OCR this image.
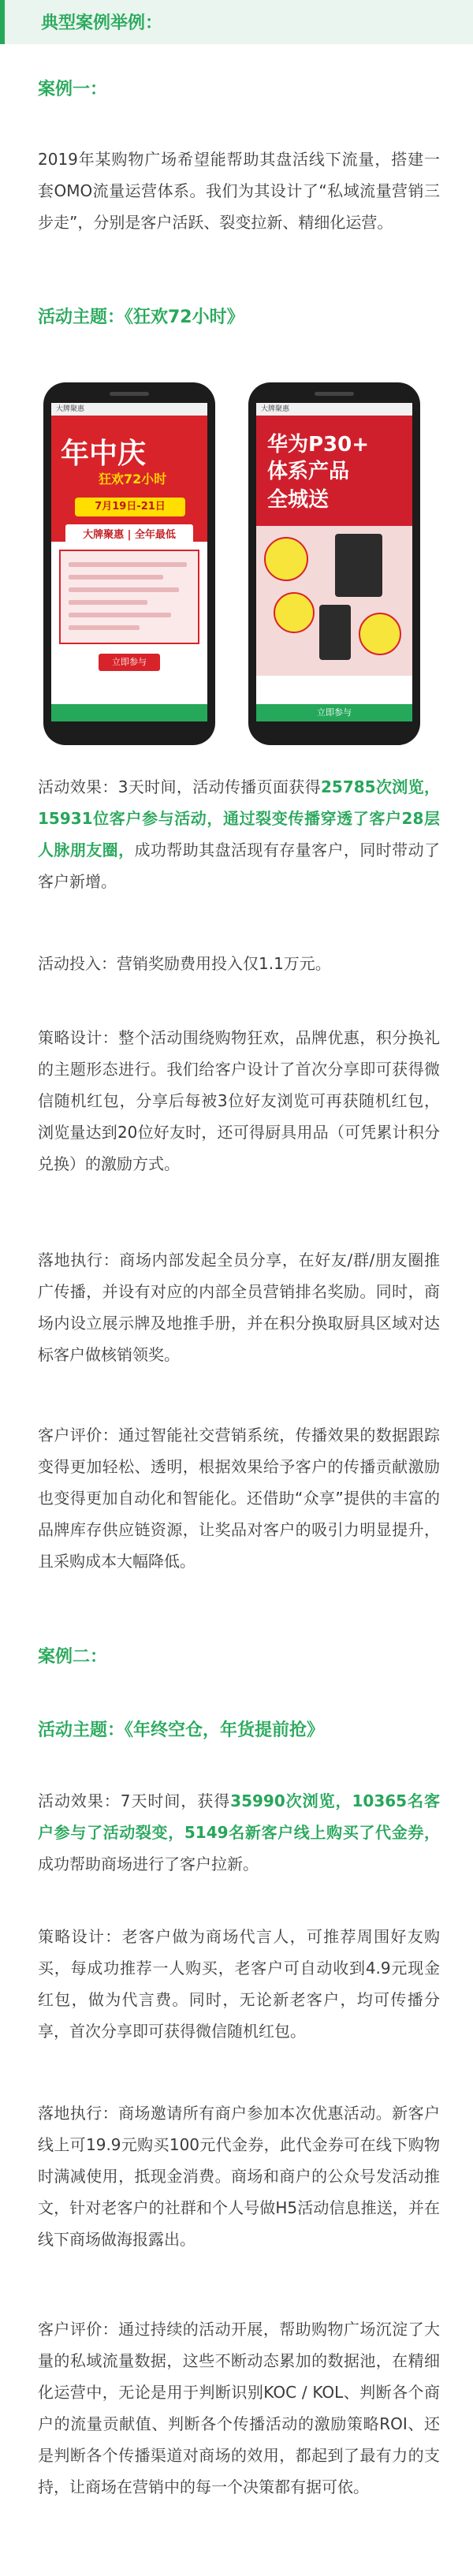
典型案例举例：
案例一：

2019年某购物广场希望能帮助其盘活线下流量，搭建一套OMO流量运营体系。我们为其设计了“私域流量营销三步走”，分别是客户活跃、裂变拉新、精细化运营。

活动主题：《狂欢72小时》
大牌聚惠
年中庆
狂欢72小时
7月19日-21日
大牌聚惠 | 全年最低
立即参与
大牌聚惠
华为P30+
体系产品
全城送
立即参与

活动效果：3天时间，活动传播页面获得25785次浏览，15931位客户参与活动，通过裂变传播穿透了客户28层人脉朋友圈，成功帮助其盘活现有存量客户，同时带动了客户新增。

活动投入：营销奖励费用投入仅1.1万元。

策略设计：整个活动围绕购物狂欢，品牌优惠，积分换礼的主题形态进行。我们给客户设计了首次分享即可获得微信随机红包，分享后每被3位好友浏览可再获随机红包，浏览量达到20位好友时，还可得厨具用品（可凭累计积分兑换）的激励方式。

落地执行：商场内部发起全员分享，在好友/群/朋友圈推广传播，并设有对应的内部全员营销排名奖励。同时，商场内设立展示牌及地推手册，并在积分换取厨具区域对达标客户做核销领奖。

客户评价：通过智能社交营销系统，传播效果的数据跟踪变得更加轻松、透明，根据效果给予客户的传播贡献激励也变得更加自动化和智能化。还借助“众享”提供的丰富的品牌库存供应链资源，让奖品对客户的吸引力明显提升，且采购成本大幅降低。

案例二：
活动主题：《年终空仓，年货提前抢》

活动效果：7天时间，获得35990次浏览，10365名客户参与了活动裂变，5149名新客户线上购买了代金券，成功帮助商场进行了客户拉新。

策略设计：老客户做为商场代言人，可推荐周围好友购买，每成功推荐一人购买，老客户可自动收到4.9元现金红包，做为代言费。同时，无论新老客户，均可传播分享，首次分享即可获得微信随机红包。

落地执行：商场邀请所有商户参加本次优惠活动。新客户线上可19.9元购买100元代金券，此代金券可在线下购物时满减使用，抵现金消费。商场和商户的公众号发活动推文，针对老客户的社群和个人号做H5活动信息推送，并在线下商场做海报露出。

客户评价：通过持续的活动开展，帮助购物广场沉淀了大量的私域流量数据，这些不断动态累加的数据池，在精细化运营中，无论是用于判断识别KOC / KOL、判断各个商户的流量贡献值、判断各个传播活动的激励策略ROI、还是判断各个传播渠道对商场的效用，都起到了最有力的支持，让商场在营销中的每一个决策都有据可依。
